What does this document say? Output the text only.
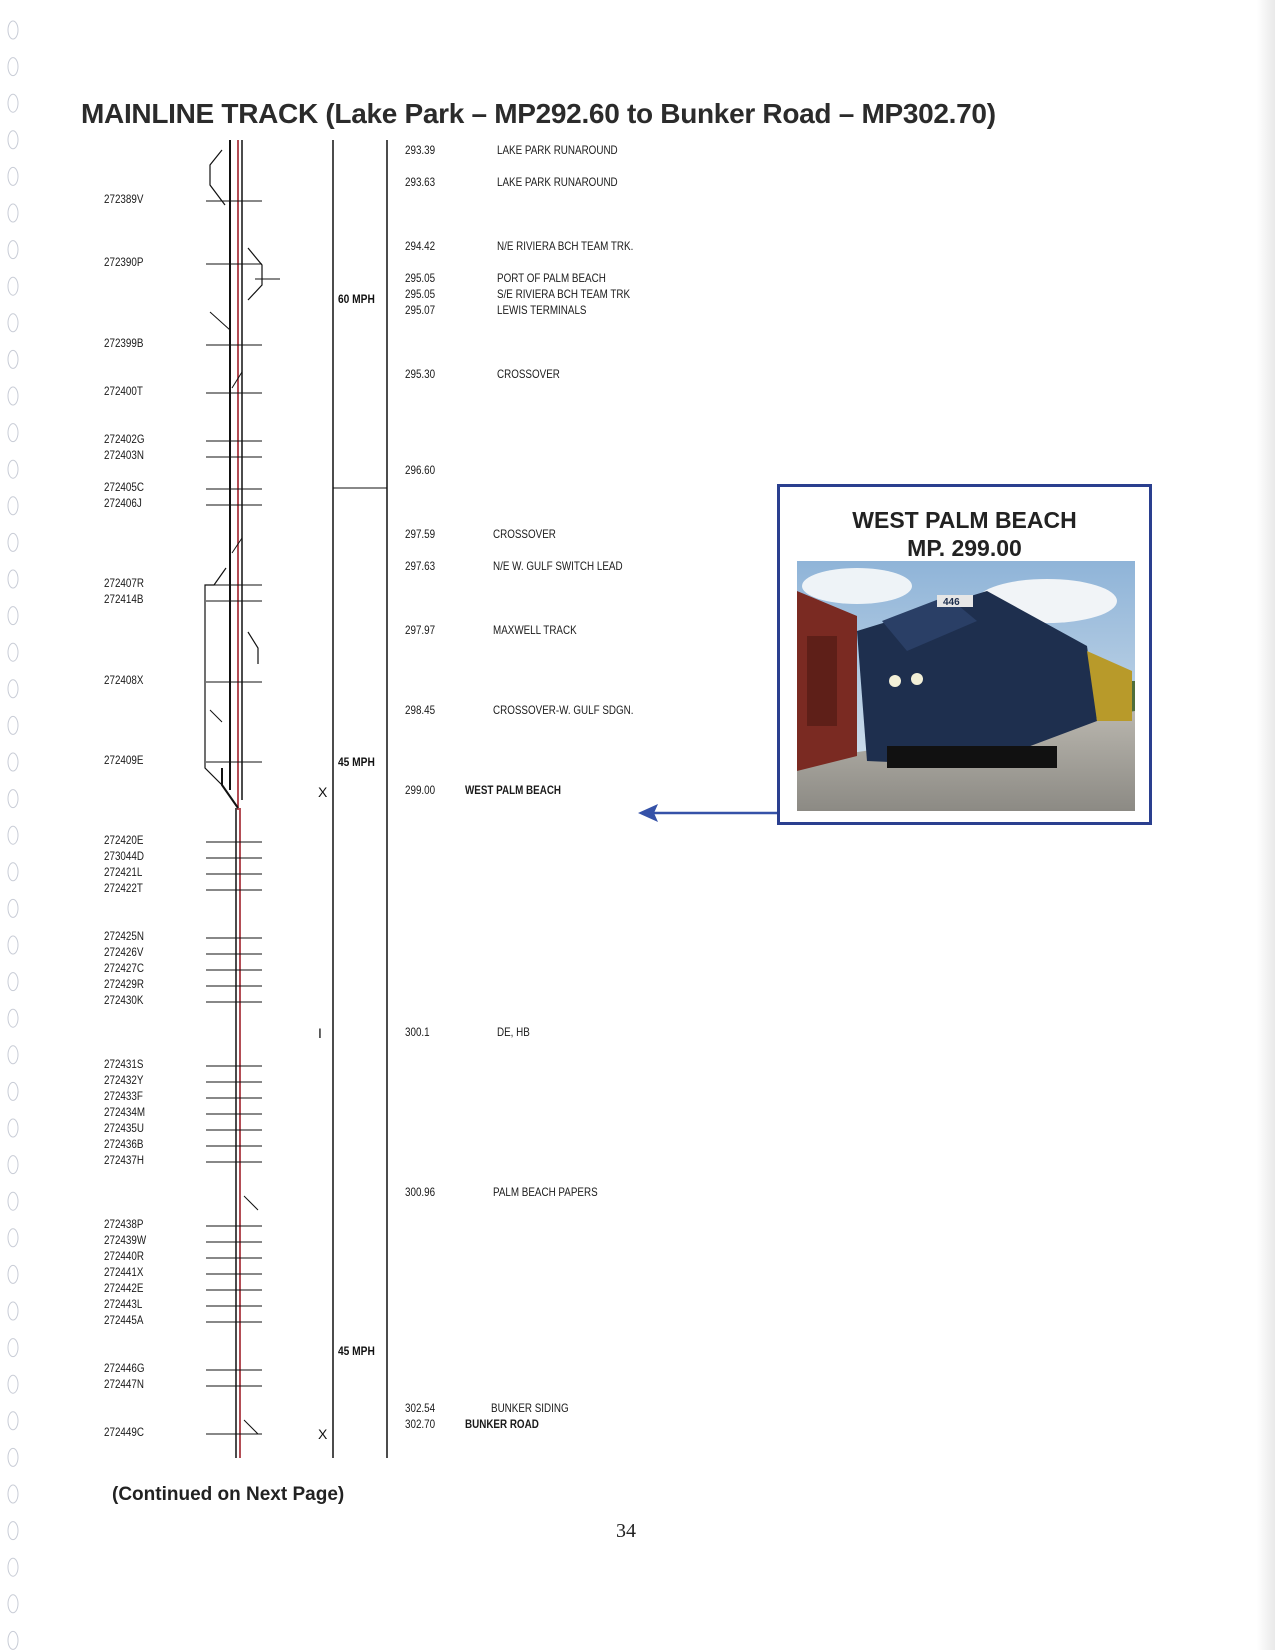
MAINLINE TRACK (Lake Park – MP292.60 to Bunker Road – MP302.70)
272389V
272390P
272399B
272400T
272402G
272403N
272405C
272406J
272407R
272414B
272408X
272409E
272420E
273044D
272421L
272422T
272425N
272426V
272427C
272429R
272430K
272431S
272432Y
272433F
272434M
272435U
272436B
272437H
272438P
272439W
272440R
272441X
272442E
272443L
272445A
272446G
272447N
272449C
293.39	LAKE PARK RUNAROUND
293.63	LAKE PARK RUNAROUND
294.42	N/E RIVIERA BCH TEAM TRK.
295.05	PORT OF PALM BEACH
295.05	S/E RIVIERA BCH TEAM TRK
295.07	LEWIS TERMINALS
295.30	CROSSOVER
296.60
297.59	CROSSOVER
297.63	N/E W. GULF SWITCH LEAD
297.97	MAXWELL TRACK
298.45	CROSSOVER-W. GULF SDGN.
299.00 WEST PALM BEACH
300.1	DE, HB
300.96	PALM BEACH PAPERS
302.54	BUNKER SIDING
302.70 BUNKER ROAD
60 MPH
45 MPH
45 MPH
X
I
X
WEST PALM BEACH
MP. 299.00
446
(Continued on Next Page)
34
